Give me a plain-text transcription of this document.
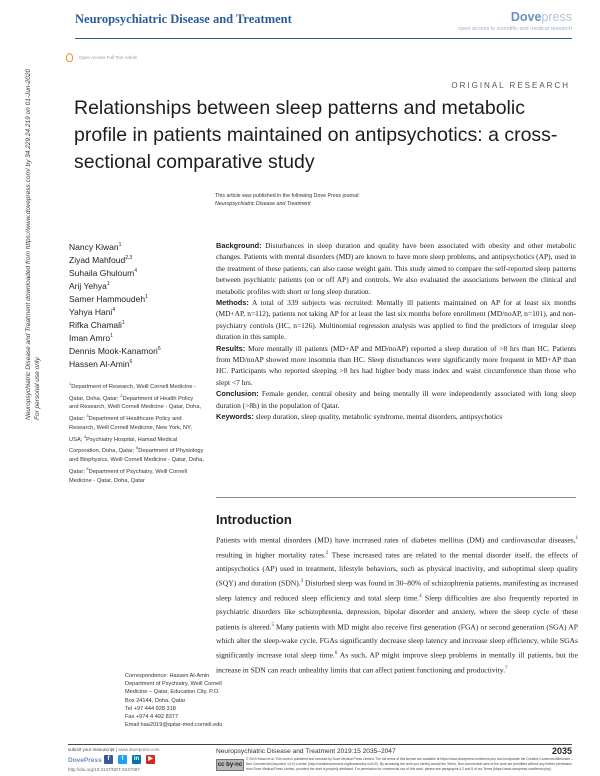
Neuropsychiatric Disease and Treatment	Dovepress
open access to scientific and medical research
Open Access Full Text Article
ORIGINAL RESEARCH
Relationships between sleep patterns and metabolic profile in patients maintained on antipsychotics: a cross-sectional comparative study
Neuropsychiatric Disease and Treatment downloaded from https://www.dovepress.com/ by 34.229.24.219 on 01-Jun-2020 For personal use only.
This article was published in the following Dove Press journal:
Neuropsychiatric Disease and Treatment
Nancy Kiwan$^1$
Ziyad Mahfoud$^{2,3}$
Suhaila Ghuloum$^4$
Arij Yehya$^1$
Samer Hammoudeh$^1$
Yahya Hani$^4$
Rifka Chamali$^1$
Iman Amro$^1$
Dennis Mook-Kanamori$^5$
Hassen Al-Amin$^6$
$^1$Department of Research, Weill Cornell Medicine - Qatar, Doha, Qatar; $^2$Department of Health Policy and Research, Weill Cornell Medicine - Qatar, Doha, Qatar; $^3$Department of Healthcare Policy and Research, Weill Cornell Medicine, New York, NY, USA; $^4$Psychiatry Hospital, Hamad Medical Corporation, Doha, Qatar; $^5$Department of Physiology and Biophysics, Weill Cornell Medicine - Qatar, Doha, Qatar; $^6$Department of Psychiatry, Weill Cornell Medicine - Qatar, Doha, Qatar

Background: Disturbances in sleep duration and quality have been associated with obesity and other metabolic changes. Patients with mental disorders (MD) are known to have more sleep problems, and antipsychotics (AP), used in the treatment of these patients, can also cause weight gain. This study aimed to compare the self-reported sleep patterns between psychiatric patients (on or off AP) and controls. We also evaluated the associations between the clinical and metabolic profiles with short or long sleep duration.

Methods: A total of 339 subjects was recruited: Mentally ill patients maintained on AP for at least six months (MD+AP, n=112), patients not taking AP for at least the last six months before enrollment (MD/noAP, n=101), and non-psychiatry controls (HC, n=126). Multinomial regression analysis was applied to find the predictors of irregular sleep duration in this sample.

Results: More mentally ill patients (MD+AP and MD/noAP) reported a sleep duration of >8 hrs than HC. Patients from MD/noAP showed more insomnia than HC. Sleep disturbances were significantly more frequent in MD+AP than HC. Participants who reported sleeping >8 hrs had higher body mass index and waist circumference than those who slept <7 hrs.

Conclusion: Female gender, central obesity and being mentally ill were independently associated with long sleep duration (>8h) in the population of Qatar.

Keywords: sleep duration, sleep quality, metabolic syndrome, mental disorders, antipsychotics

Introduction
Patients with mental disorders (MD) have increased rates of diabetes mellitus (DM) and cardiovascular diseases,$^1$ resulting in higher mortality rates.$^2$ These increased rates are related to the mental disorder itself, the effects of antipsychotics (AP) used in treatment, lifestyle behaviors, such as physical inactivity, and suboptimal sleep quality (SQY) and duration (SDN).$^3$ Disturbed sleep was found in 30–80% of schizophrenia patients, manifesting as increased sleep latency and reduced sleep efficiency and total sleep time.$^4$ Sleep difficulties are also frequently reported in psychiatric disorders like schizophrenia, depression, bipolar disorder and anxiety, where the sleep cycle of these patients is altered.$^5$ Many patients with MD might also receive first generation (FGA) or second generation (SGA) AP which alter the sleep-wake cycle. FGAs significantly decrease sleep latency and increase sleep efficiency, while SGAs significantly increase total sleep time.$^6$ As such, AP might improve sleep problems in mentally ill patients, but the increase in SDN can reach unhealthy limits that can affect patient functioning and productivity.$^7$
Correspondence: Hassen Al-Amin
Department of Psychiatry, Weill Cornell
Medicine – Qatar, Education City, P.O.
Box 24144, Doha, Qatar
Tel +97 444 928 318
Fax +974 4 492 8377
Email haa2019@qatar-med.cornell.edu
submit your manuscript | www.dovepress.com
DovePress f	t	in	▶
http://doi.org/10.2147/NDT.S247387
Neuropsychiatric Disease and Treatment 2019:15 2035–2047	2035
cc by-nc
© 2019 Kiwan et al. This work is published and licensed by Dove Medical Press Limited. The full terms of this license are available at https://www.dovepress.com/terms.php and incorporate the Creative Commons Attribution – Non Commercial (unported, v3.0) License (http://creativecommons.org/licenses/by-nc/3.0/). By accessing the work you hereby accept the Terms. Non-commercial uses of the work are permitted without any further permission from Dove Medical Press Limited, provided the work is properly attributed. For permission for commercial use of this work, please see paragraphs 4.2 and 5 of our Terms (https://www.dovepress.com/terms.php).
